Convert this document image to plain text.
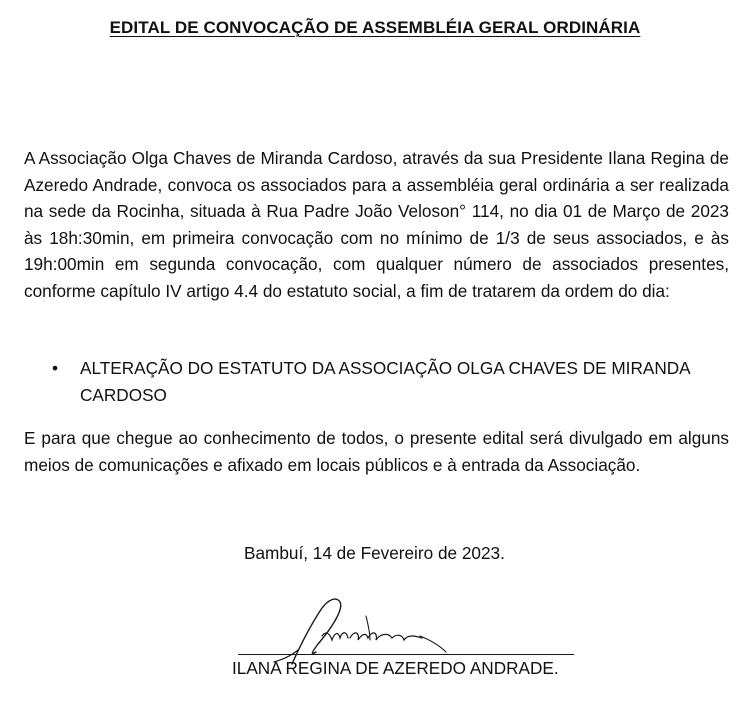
EDITAL DE CONVOCAÇÃO DE ASSEMBLÉIA GERAL ORDINÁRIA
A Associação Olga Chaves de Miranda Cardoso, através da sua Presidente Ilana Regina de Azeredo Andrade, convoca os associados para a assembléia geral ordinária a ser realizada na sede da Rocinha, situada à Rua Padre João Veloson° 114, no dia 01 de Março de 2023 às 18h:30min, em primeira convocação com no mínimo de 1/3 de seus associados, e às 19h:00min em segunda convocação, com qualquer número de associados presentes, conforme capítulo IV artigo 4.4 do estatuto social, a fim de tratarem da ordem do dia:
•	ALTERAÇÃO DO ESTATUTO DA ASSOCIAÇÃO OLGA CHAVES DE MIRANDA CARDOSO
E para que chegue ao conhecimento de todos, o presente edital será divulgado em alguns meios de comunicações e afixado em locais públicos e à entrada da Associação.
Bambuí, 14 de Fevereiro de 2023.
ILANA REGINA DE AZEREDO ANDRADE.
